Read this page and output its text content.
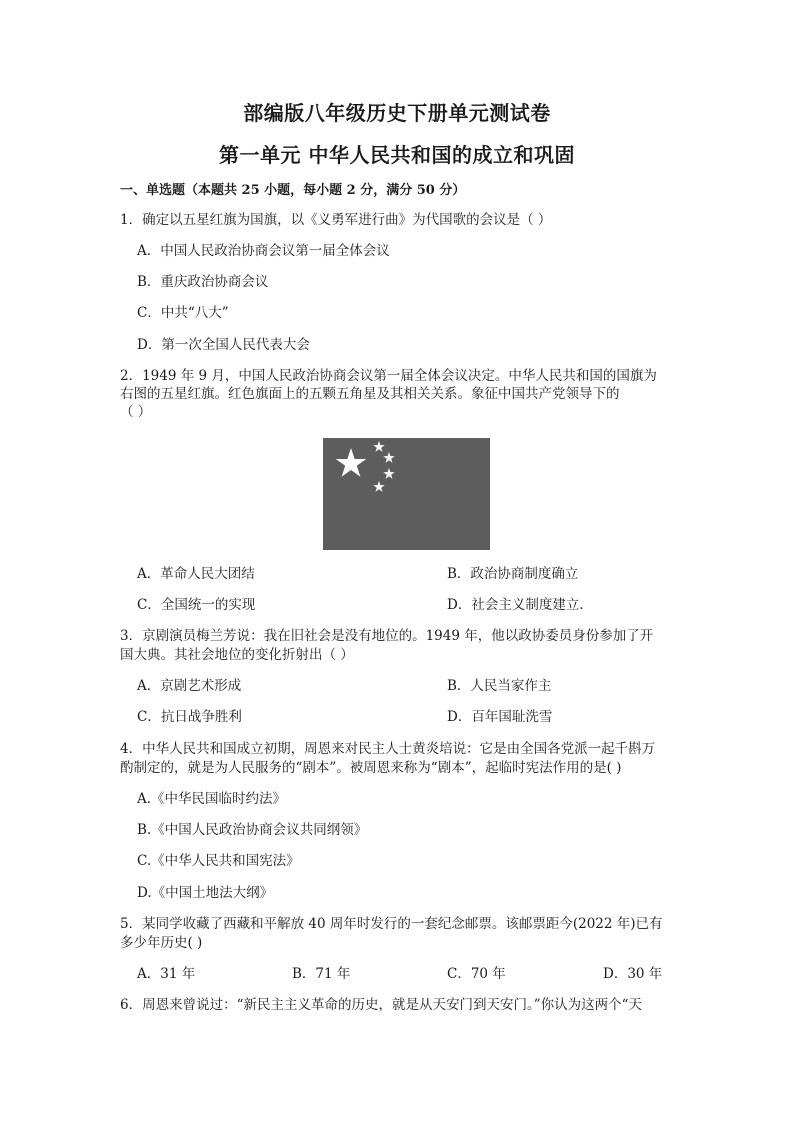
部编版八年级历史下册单元测试卷
第一单元 中华人民共和国的成立和巩固
一、单选题（本题共 25 小题，每小题 2 分，满分 50 分）
1．确定以五星红旗为国旗，以《义勇军进行曲》为代国歌的会议是（ ）
A．中国人民政治协商会议第一届全体会议
B．重庆政治协商会议
C．中共“八大”
D．第一次全国人民代表大会
2．1949 年 9 月，中国人民政治协商会议第一届全体会议决定。中华人民共和国的国旗为
右图的五星红旗。红色旗面上的五颗五角星及其相关关系。象征中国共产党领导下的
（ ）
A．革命人民大团结	B．政治协商制度确立
C．全国统一的实现	D．社会主义制度建立．
3．京剧演员梅兰芳说：我在旧社会是没有地位的。1949 年，他以政协委员身份参加了开
国大典。其社会地位的变化折射出（ ）
A．京剧艺术形成	B．人民当家作主
C．抗日战争胜利	D．百年国耻洗雪
4．中华人民共和国成立初期，周恩来对民主人士黄炎培说：它是由全国各党派一起千斟万
酌制定的，就是为人民服务的“剧本”。被周恩来称为“剧本”，起临时宪法作用的是( )
A.《中华民国临时约法》
B.《中国人民政治协商会议共同纲领》
C.《中华人民共和国宪法》
D.《中国土地法大纲》
5．某同学收藏了西藏和平解放 40 周年时发行的一套纪念邮票。该邮票距今(2022 年)已有
多少年历史( )
A．31 年	B．71 年	C．70 年	D．30 年
6．周恩来曾说过：“新民主主义革命的历史，就是从天安门到天安门。”你认为这两个“天
